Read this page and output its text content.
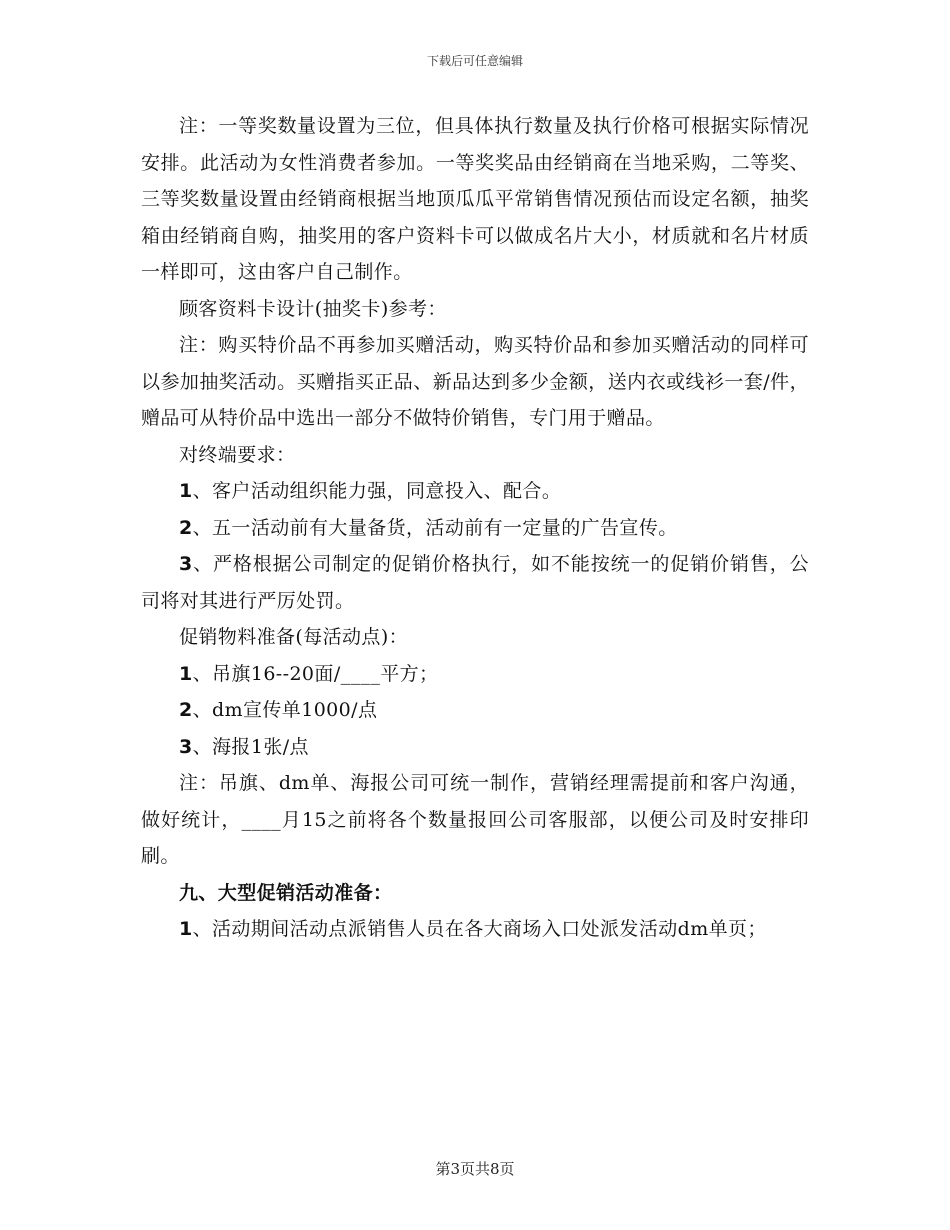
下载后可任意编辑

注：一等奖数量设置为三位，但具体执行数量及执行价格可根据实际情况安排。此活动为女性消费者参加。一等奖奖品由经销商在当地采购，二等奖、三等奖数量设置由经销商根据当地顶瓜瓜平常销售情况预估而设定名额，抽奖箱由经销商自购，抽奖用的客户资料卡可以做成名片大小，材质就和名片材质一样即可，这由客户自己制作。

顾客资料卡设计(抽奖卡)参考：

注：购买特价品不再参加买赠活动，购买特价品和参加买赠活动的同样可以参加抽奖活动。买赠指买正品、新品达到多少金额，送内衣或线衫一套/件，赠品可从特价品中选出一部分不做特价销售，专门用于赠品。

对终端要求：

1、客户活动组织能力强，同意投入、配合。

2、五一活动前有大量备货，活动前有一定量的广告宣传。

3、严格根据公司制定的促销价格执行，如不能按统一的促销价销售，公司将对其进行严厉处罚。

促销物料准备(每活动点)：

1、吊旗16--20面/____平方；

2、dm宣传单1000/点

3、海报1张/点

注：吊旗、dm单、海报公司可统一制作，营销经理需提前和客户沟通，做好统计，____月15之前将各个数量报回公司客服部，以便公司及时安排印刷。

九、大型促销活动准备：

1、活动期间活动点派销售人员在各大商场入口处派发活动dm单页；

第3页共8页
